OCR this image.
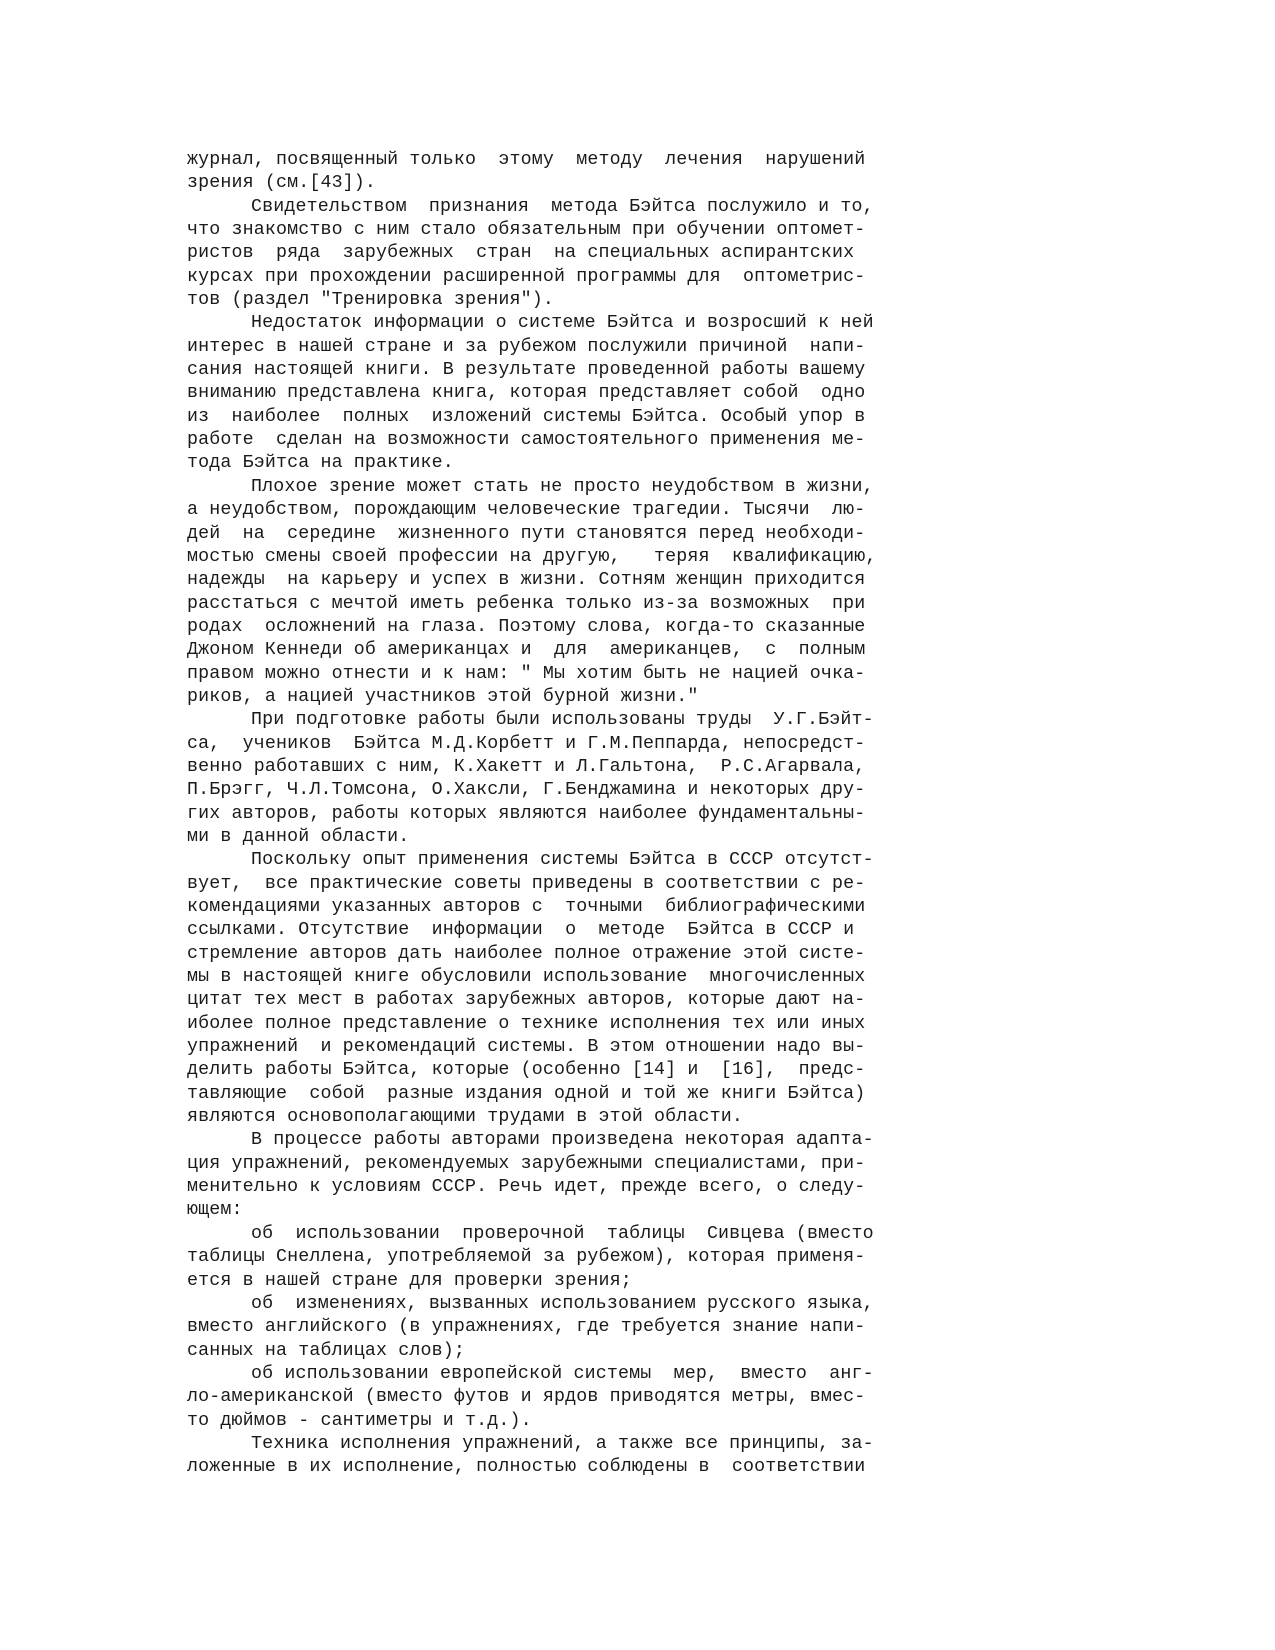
журнал, посвященный только  этому  методу  лечения  нарушений
зрения (см.[43]).
Свидетельством  признания  метода Бэйтса послужило и то,
что знакомство с ним стало обязательным при обучении оптомет-
ристов  ряда  зарубежных  стран  на специальных аспирантских
курсах при прохождении расширенной программы для  оптометрис-
тов (раздел "Тренировка зрения").
Недостаток информации о системе Бэйтса и возросший к ней
интерес в нашей стране и за рубежом послужили причиной  напи-
сания настоящей книги. В результате проведенной работы вашему
вниманию представлена книга, которая представляет собой  одно
из  наиболее  полных  изложений системы Бэйтса. Особый упор в
работе  сделан на возможности самостоятельного применения ме-
тода Бэйтса на практике.
Плохое зрение может стать не просто неудобством в жизни,
а неудобством, порождающим человеческие трагедии. Тысячи  лю-
дей  на  середине  жизненного пути становятся перед необходи-
мостью смены своей профессии на другую,   теряя  квалификацию,
надежды  на карьеру и успех в жизни. Сотням женщин приходится
расстаться с мечтой иметь ребенка только из-за возможных  при
родах  осложнений на глаза. Поэтому слова, когда-то сказанные
Джоном Кеннеди об американцах и  для  американцев,  с  полным
правом можно отнести и к нам: " Мы хотим быть не нацией очка-
риков, а нацией участников этой бурной жизни."
При подготовке работы были использованы труды  У.Г.Бэйт-
са,  учеников  Бэйтса М.Д.Корбетт и Г.М.Пеппарда, непосредст-
венно работавших с ним, К.Хакетт и Л.Гальтона,  Р.С.Агарвала,
П.Брэгг, Ч.Л.Томсона, О.Хаксли, Г.Бенджамина и некоторых дру-
гих авторов, работы которых являются наиболее фундаментальны-
ми в данной области.
Поскольку опыт применения системы Бэйтса в СССР отсутст-
вует,  все практические советы приведены в соответствии с ре-
комендациями указанных авторов с  точными  библиографическими
ссылками. Отсутствие  информации  о  методе  Бэйтса в СССР и
стремление авторов дать наиболее полное отражение этой систе-
мы в настоящей книге обусловили использование  многочисленных
цитат тех мест в работах зарубежных авторов, которые дают на-
иболее полное представление о технике исполнения тех или иных
упражнений  и рекомендаций системы. В этом отношении надо вы-
делить работы Бэйтса, которые (особенно [14] и  [16],  предс-
тавляющие  собой  разные издания одной и той же книги Бэйтса)
являются основополагающими трудами в этой области.
В процессе работы авторами произведена некоторая адапта-
ция упражнений, рекомендуемых зарубежными специалистами, при-
менительно к условиям СССР. Речь идет, прежде всего, о следу-
ющем:
об  использовании  проверочной  таблицы  Сивцева (вместо
таблицы Снеллена, употребляемой за рубежом), которая применя-
ется в нашей стране для проверки зрения;
об  изменениях, вызванных использованием русского языка,
вместо английского (в упражнениях, где требуется знание напи-
санных на таблицах слов);
об использовании европейской системы  мер,  вместо  анг-
ло-американской (вместо футов и ярдов приводятся метры, вмес-
то дюймов - сантиметры и т.д.).
Техника исполнения упражнений, а также все принципы, за-
ложенные в их исполнение, полностью соблюдены в  соответствии
